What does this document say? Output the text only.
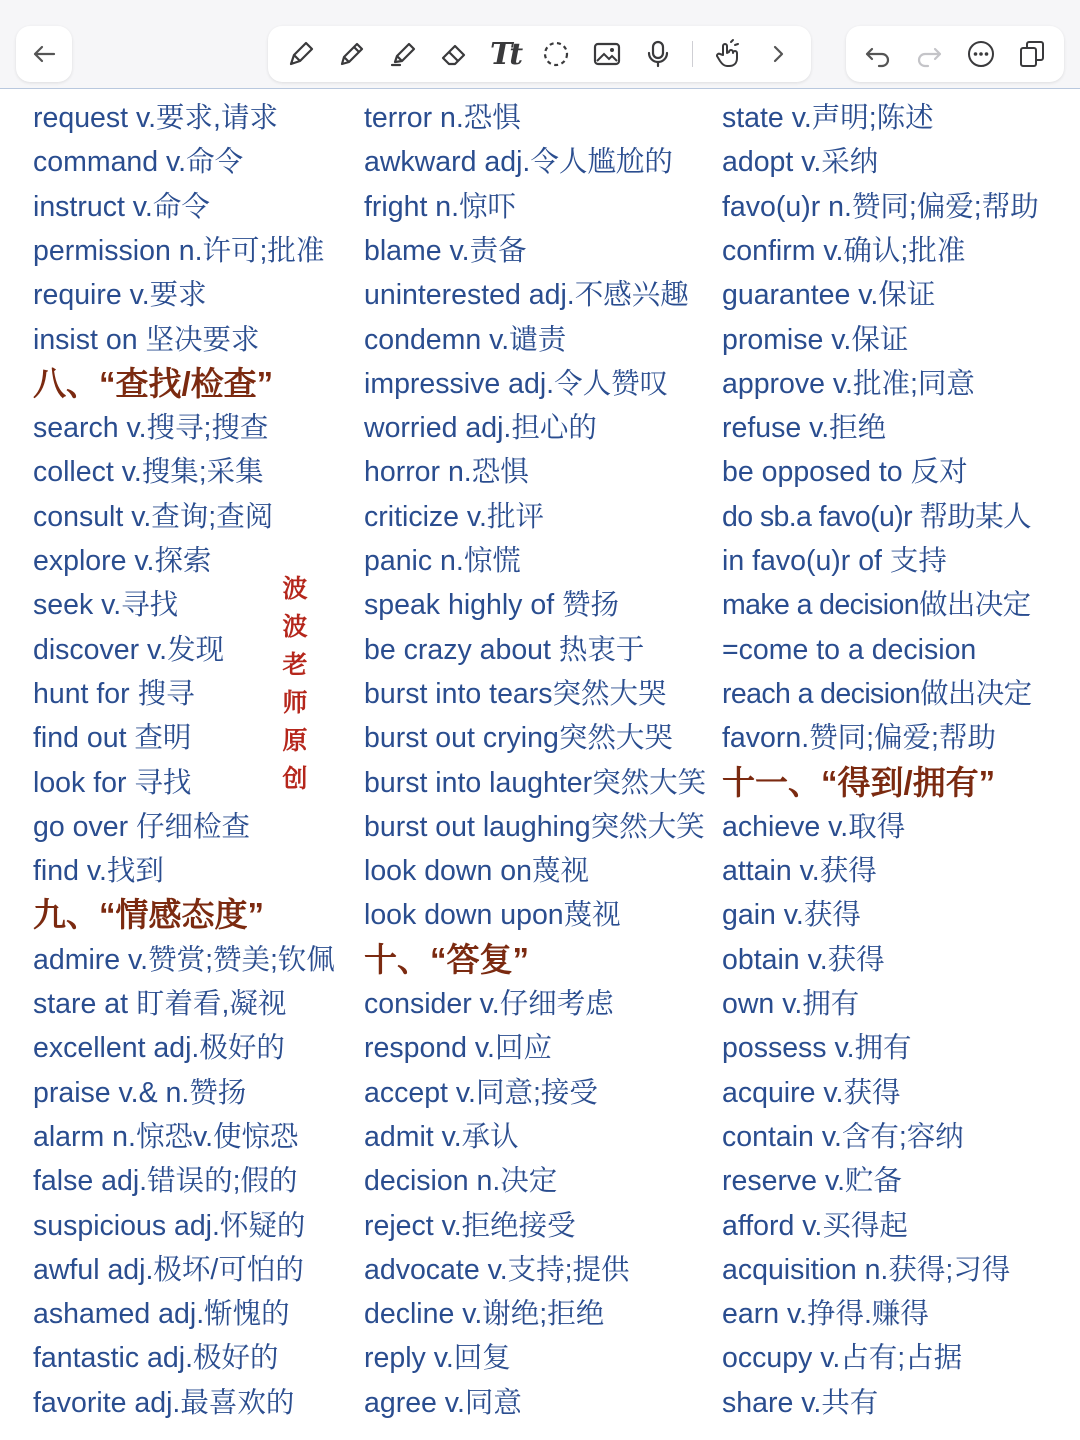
Tt
request v.要求,请求
command v.命令
instruct v.命令
permission n.许可;批准
require v.要求
insist on 坚决要求
八、“查找/检查”
search v.搜寻;搜查
collect v.搜集;采集
consult v.查询;查阅
explore v.探索
seek v.寻找
discover v.发现
hunt for 搜寻
find out 查明
look for 寻找
go over 仔细检查
find v.找到
九、“情感态度”
admire v.赞赏;赞美;钦佩
stare at 盯着看,凝视
excellent adj.极好的
praise v.& n.赞扬
alarm n.惊恐v.使惊恐
false adj.错误的;假的
suspicious adj.怀疑的
awful adj.极坏/可怕的
ashamed adj.惭愧的
fantastic adj.极好的
favorite adj.最喜欢的
terror n.恐惧
awkward adj.令人尴尬的
fright n.惊吓
blame v.责备
uninterested adj.不感兴趣
condemn v.谴责
impressive adj.令人赞叹
worried adj.担心的
horror n.恐惧
criticize v.批评
panic n.惊慌
speak highly of 赞扬
be crazy about 热衷于
burst into tears突然大哭
burst out crying突然大哭
burst into laughter突然大笑
burst out laughing突然大笑
look down on蔑视
look down upon蔑视
十、“答复”
consider v.仔细考虑
respond v.回应
accept v.同意;接受
admit v.承认
decision n.决定
reject v.拒绝接受
advocate v.支持;提供
decline v.谢绝;拒绝
reply v.回复
agree v.同意
state v.声明;陈述
adopt v.采纳
favo(u)r n.赞同;偏爱;帮助
confirm v.确认;批准
guarantee v.保证
promise v.保证
approve v.批准;同意
refuse v.拒绝
be opposed to 反对
do sb.a favo(u)r 帮助某人
in favo(u)r of 支持
make a decision做出决定
=come to a decision
reach a decision做出决定
favorn.赞同;偏爱;帮助
十一、“得到/拥有”
achieve v.取得
attain v.获得
gain v.获得
obtain v.获得
own v.拥有
possess v.拥有
acquire v.获得
contain v.含有;容纳
reserve v.贮备
afford v.买得起
acquisition n.获得;习得
earn v.挣得.赚得
occupy v.占有;占据
share v.共有
波
波
老
师
原
创
